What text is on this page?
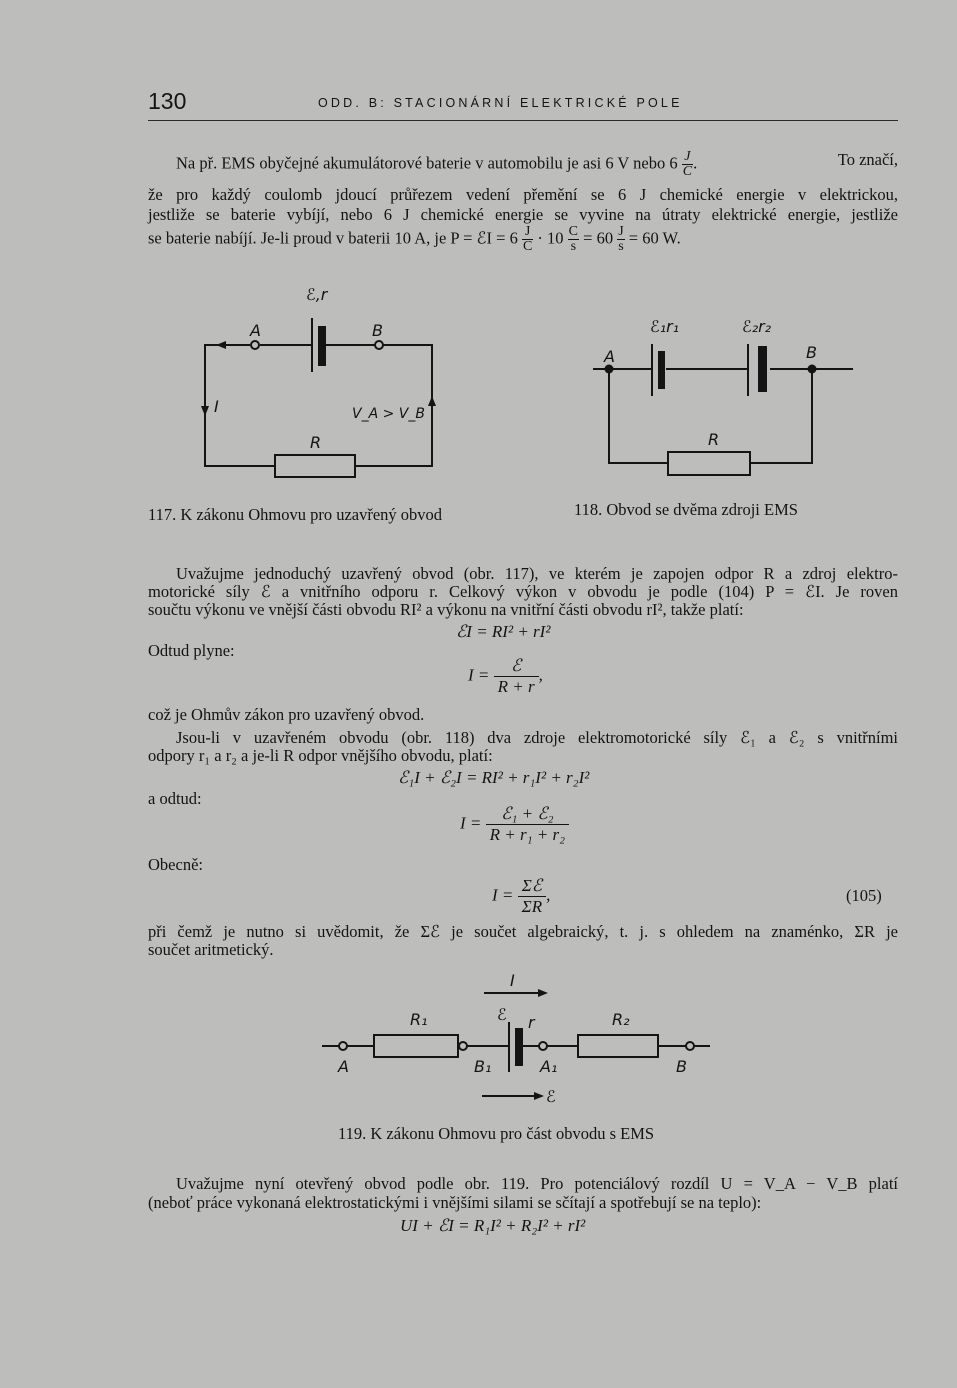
130	ODD. B: STACIONÁRNÍ ELEKTRICKÉ POLE
Na př. EMS obyčejné akumulátorové baterie v automobilu je asi 6 V nebo $6 \frac{J}{C}$ .	To značí,
že pro každý coulomb jdoucí průřezem vedení přemění se 6 J chemické energie v elektrickou,
jestliže se baterie vybíjí, nebo 6 J chemické energie se vyvine na útraty elektrické energie, jestliže
se baterie nabíjí. Je-li proud v baterii 10 A, je P = ℰI = $6 \frac{J}{C} \cdot 10 \frac{C}{s} = 60 \frac{J}{s} = 60$ W.
ℰ,r
A	B
I	V_A > V_B
R
ℰ₁r₁	ℰ₂r₂
A	B
R
I
R₁	ℰ r	R₂
A	B₁	A₁	B
ℰ
117. K zákonu Ohmovu pro uzavřený obvod	118. Obvod se dvěma zdroji EMS
Uvažujme jednoduchý uzavřený obvod (obr. 117), ve kterém je zapojen odpor R a zdroj elektro-
motorické síly ℰ a vnitřního odporu r. Celkový výkon v obvodu je podle (104) P = ℰI. Je roven
součtu výkonu ve vnější části obvodu RI² a výkonu na vnitřní části obvodu rI², takže platí:
ℰI = RI² + rI²
Odtud plyne:
$I = \frac{\text{ℰ}}{R + r}$ ,
což je Ohmův zákon pro uzavřený obvod.
Jsou-li v uzavřeném obvodu (obr. 118) dva zdroje elektromotorické síly ℰ₁ a ℰ₂ s vnitřními
odpory r₁ a r₂ a je-li R odpor vnějšího obvodu, platí:
ℰ₁I + ℰ₂I = RI² + r₁I² + r₂I²
a odtud:
$I = \frac{\text{ℰ₁ + ℰ₂}}{\text{R + r₁ + r₂}}$
Obecně:
$I = \frac{\text{Σℰ}}{\Sigma R}$ ,	(105)
při čemž je nutno si uvědomit, že Σℰ je součet algebraický, t. j. s ohledem na znaménko, ΣR je
součet aritmetický.
119. K zákonu Ohmovu pro část obvodu s EMS
Uvažujme nyní otevřený obvod podle obr. 119. Pro potenciálový rozdíl U = V_A − V_B platí
(neboť práce vykonaná elektrostatickými i vnějšími silami se sčítají a spotřebují se na teplo):
UI + ℰI = R₁I² + R₂I² + rI²
